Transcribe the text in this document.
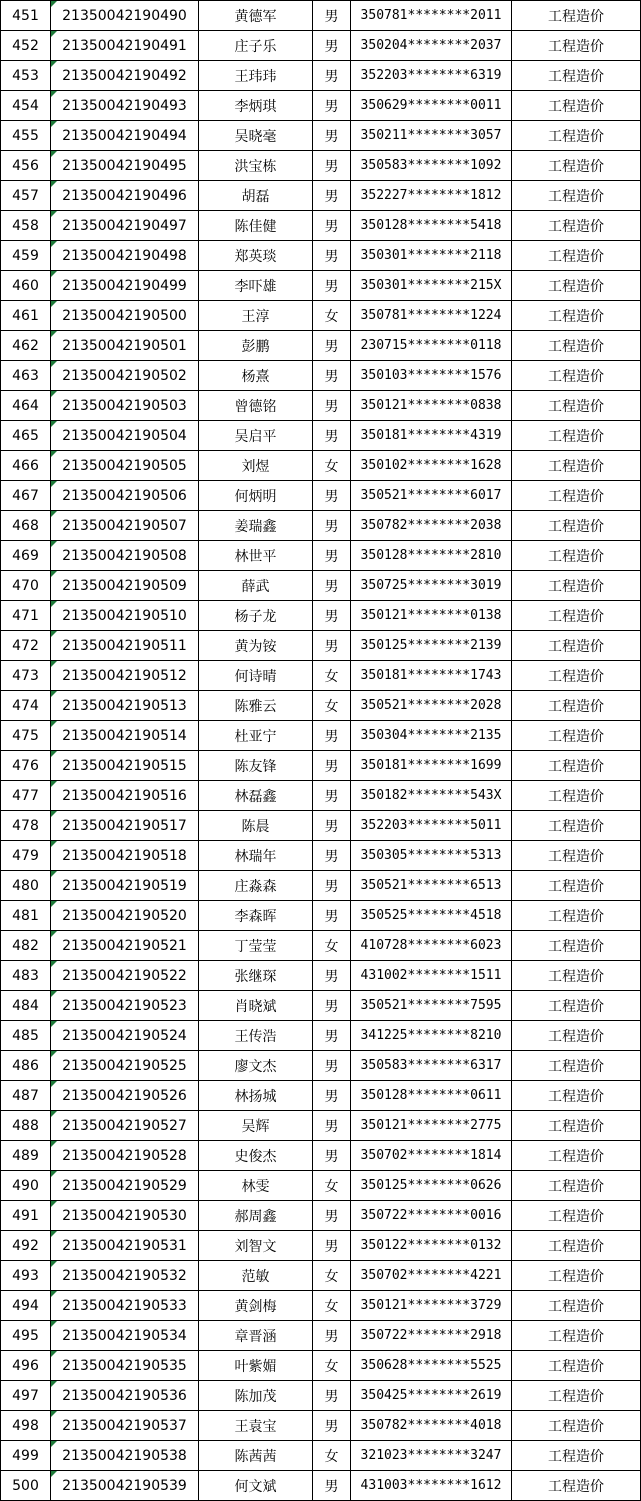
451	21350042190490	黄德军	男	350781********2011	工程造价
452	21350042190491	庄子乐	男	350204********2037	工程造价
453	21350042190492	王玮玮	男	352203********6319	工程造价
454	21350042190493	李炳琪	男	350629********0011	工程造价
455	21350042190494	吴晓毫	男	350211********3057	工程造价
456	21350042190495	洪宝栋	男	350583********1092	工程造价
457	21350042190496	胡磊	男	352227********1812	工程造价
458	21350042190497	陈佳健	男	350128********5418	工程造价
459	21350042190498	郑英琰	男	350301********2118	工程造价
460	21350042190499	李吓雄	男	350301********215X	工程造价
461	21350042190500	王淳	女	350781********1224	工程造价
462	21350042190501	彭鹏	男	230715********0118	工程造价
463	21350042190502	杨熹	男	350103********1576	工程造价
464	21350042190503	曾德铭	男	350121********0838	工程造价
465	21350042190504	吴启平	男	350181********4319	工程造价
466	21350042190505	刘煜	女	350102********1628	工程造价
467	21350042190506	何炳明	男	350521********6017	工程造价
468	21350042190507	姜瑞鑫	男	350782********2038	工程造价
469	21350042190508	林世平	男	350128********2810	工程造价
470	21350042190509	薛武	男	350725********3019	工程造价
471	21350042190510	杨子龙	男	350121********0138	工程造价
472	21350042190511	黄为铵	男	350125********2139	工程造价
473	21350042190512	何诗晴	女	350181********1743	工程造价
474	21350042190513	陈雅云	女	350521********2028	工程造价
475	21350042190514	杜亚宁	男	350304********2135	工程造价
476	21350042190515	陈友锋	男	350181********1699	工程造价
477	21350042190516	林磊鑫	男	350182********543X	工程造价
478	21350042190517	陈晨	男	352203********5011	工程造价
479	21350042190518	林瑞年	男	350305********5313	工程造价
480	21350042190519	庄淼森	男	350521********6513	工程造价
481	21350042190520	李森晖	男	350525********4518	工程造价
482	21350042190521	丁莹莹	女	410728********6023	工程造价
483	21350042190522	张继琛	男	431002********1511	工程造价
484	21350042190523	肖晓斌	男	350521********7595	工程造价
485	21350042190524	王传浩	男	341225********8210	工程造价
486	21350042190525	廖文杰	男	350583********6317	工程造价
487	21350042190526	林扬城	男	350128********0611	工程造价
488	21350042190527	吴辉	男	350121********2775	工程造价
489	21350042190528	史俊杰	男	350702********1814	工程造价
490	21350042190529	林雯	女	350125********0626	工程造价
491	21350042190530	郝周鑫	男	350722********0016	工程造价
492	21350042190531	刘智文	男	350122********0132	工程造价
493	21350042190532	范敏	女	350702********4221	工程造价
494	21350042190533	黄剑梅	女	350121********3729	工程造价
495	21350042190534	章晋涵	男	350722********2918	工程造价
496	21350042190535	叶紫媚	女	350628********5525	工程造价
497	21350042190536	陈加茂	男	350425********2619	工程造价
498	21350042190537	王袁宝	男	350782********4018	工程造价
499	21350042190538	陈茜茜	女	321023********3247	工程造价
500	21350042190539	何文斌	男	431003********1612	工程造价
